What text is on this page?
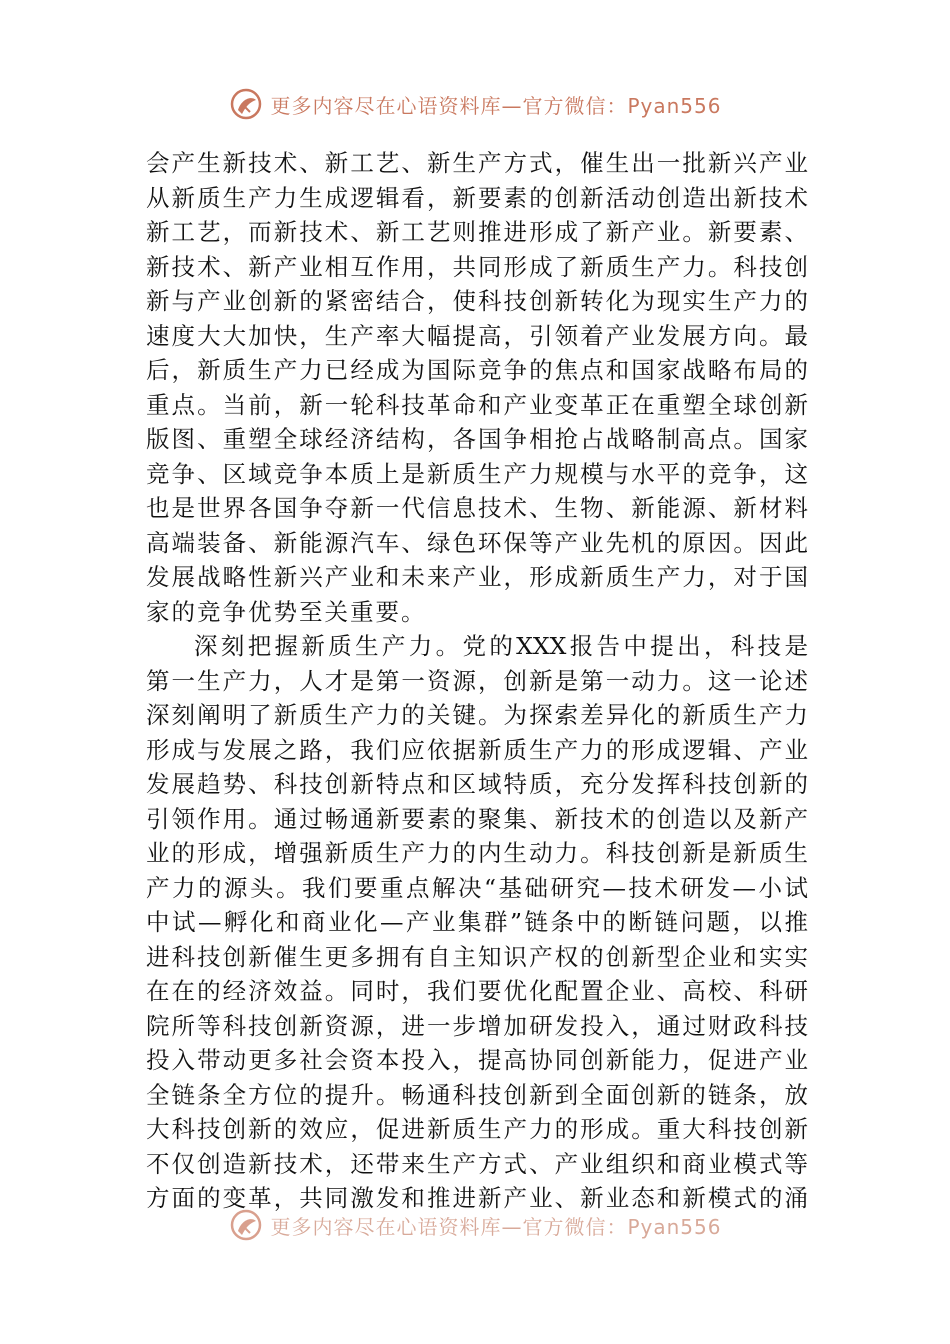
更多内容尽在心语资料库—官方微信：Pyan556
会产生新技术、新工艺、新生产方式，催生出一批新兴产业
从新质生产力生成逻辑看，新要素的创新活动创造出新技术
新工艺，而新技术、新工艺则推进形成了新产业。新要素、
新技术、新产业相互作用，共同形成了新质生产力。科技创
新与产业创新的紧密结合，使科技创新转化为现实生产力的
速度大大加快，生产率大幅提高，引领着产业发展方向。最
后，新质生产力已经成为国际竞争的焦点和国家战略布局的
重点。当前，新一轮科技革命和产业变革正在重塑全球创新
版图、重塑全球经济结构，各国争相抢占战略制高点。国家
竞争、区域竞争本质上是新质生产力规模与水平的竞争，这
也是世界各国争夺新一代信息技术、生物、新能源、新材料
高端装备、新能源汽车、绿色环保等产业先机的原因。因此
发展战略性新兴产业和未来产业，形成新质生产力，对于国
家的竞争优势至关重要。
深刻把握新质生产力。党的XXX报告中提出，科技是
第一生产力，人才是第一资源，创新是第一动力。这一论述
深刻阐明了新质生产力的关键。为探索差异化的新质生产力
形成与发展之路，我们应依据新质生产力的形成逻辑、产业
发展趋势、科技创新特点和区域特质，充分发挥科技创新的
引领作用。通过畅通新要素的聚集、新技术的创造以及新产
业的形成，增强新质生产力的内生动力。科技创新是新质生
产力的源头。我们要重点解决“基础研究—技术研发—小试
中试—孵化和商业化—产业集群”链条中的断链问题，以推
进科技创新催生更多拥有自主知识产权的创新型企业和实实
在在的经济效益。同时，我们要优化配置企业、高校、科研
院所等科技创新资源，进一步增加研发投入，通过财政科技
投入带动更多社会资本投入，提高协同创新能力，促进产业
全链条全方位的提升。畅通科技创新到全面创新的链条，放
大科技创新的效应，促进新质生产力的形成。重大科技创新
不仅创造新技术，还带来生产方式、产业组织和商业模式等
方面的变革，共同激发和推进新产业、新业态和新模式的涌
更多内容尽在心语资料库—官方微信：Pyan556
